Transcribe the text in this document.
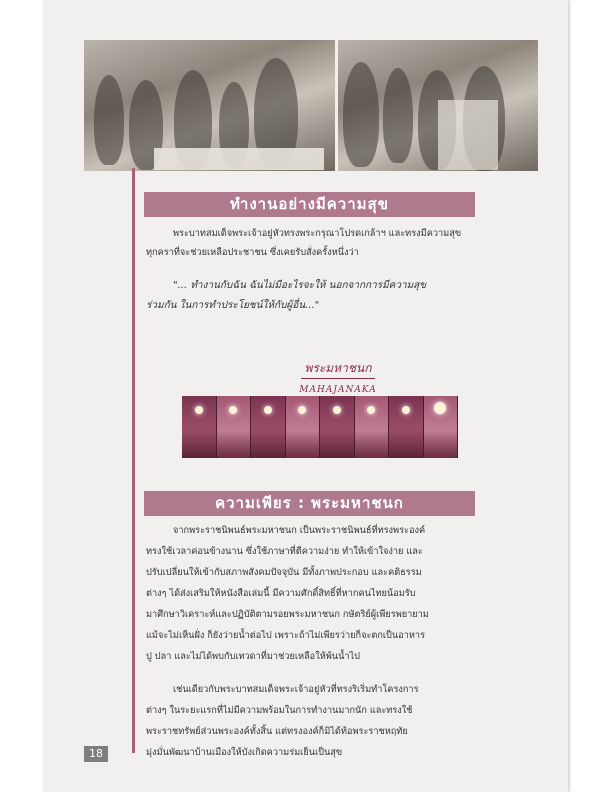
ทำงานอย่างมีความสุข
พระบาทสมเด็จพระเจ้าอยู่หัวทรงพระกรุณาโปรดเกล้าฯ และทรงมีความสุข
ทุกคราที่จะช่วยเหลือประชาชน ซึ่งเคยรับสั่งครั้งหนึ่งว่า
"... ทำงานกับฉัน ฉันไม่มีอะไรจะให้ นอกจากการมีความสุข
ร่วมกัน ในการทำประโยชน์ให้กับผู้อื่น..."
พระมหาชนก
MAHAJANAKA
ความเพียร : พระมหาชนก
จากพระราชนิพนธ์พระมหาชนก เป็นพระราชนิพนธ์ที่ทรงพระองค์
ทรงใช้เวลาค่อนข้างนาน ซึ่งใช้ภาษาที่ตีความง่าย ทำให้เข้าใจง่าย และ
ปรับเปลี่ยนให้เข้ากับสภาพสังคมปัจจุบัน มีทั้งภาพประกอบ และคติธรรม
ต่างๆ ได้ส่งเสริมให้หนังสือเล่มนี้ มีความศักดิ์สิทธิ์ที่หากคนไทยน้อมรับ
มาศึกษาวิเคราะห์และปฏิบัติตามรอยพระมหาชนก กษัตริย์ผู้เพียรพยายาม
แม้จะไม่เห็นฝั่ง ก็ยังว่ายน้ำต่อไป เพราะถ้าไม่เพียรว่ายก็จะตกเป็นอาหาร
ปู ปลา และไม่ได้พบกับเทวดาที่มาช่วยเหลือให้พ้นน้ำไป
เช่นเดียวกับพระบาทสมเด็จพระเจ้าอยู่หัวที่ทรงริเริ่มทำโครงการ
ต่างๆ ในระยะแรกที่ไม่มีความพร้อมในการทำงานมากนัก และทรงใช้
พระราชทรัพย์ส่วนพระองค์ทั้งสิ้น แต่ทรงองค์ก็มิได้ท้อพระราชหฤทัย
มุ่งมั่นพัฒนาบ้านเมืองให้บังเกิดความร่มเย็นเป็นสุข
18
